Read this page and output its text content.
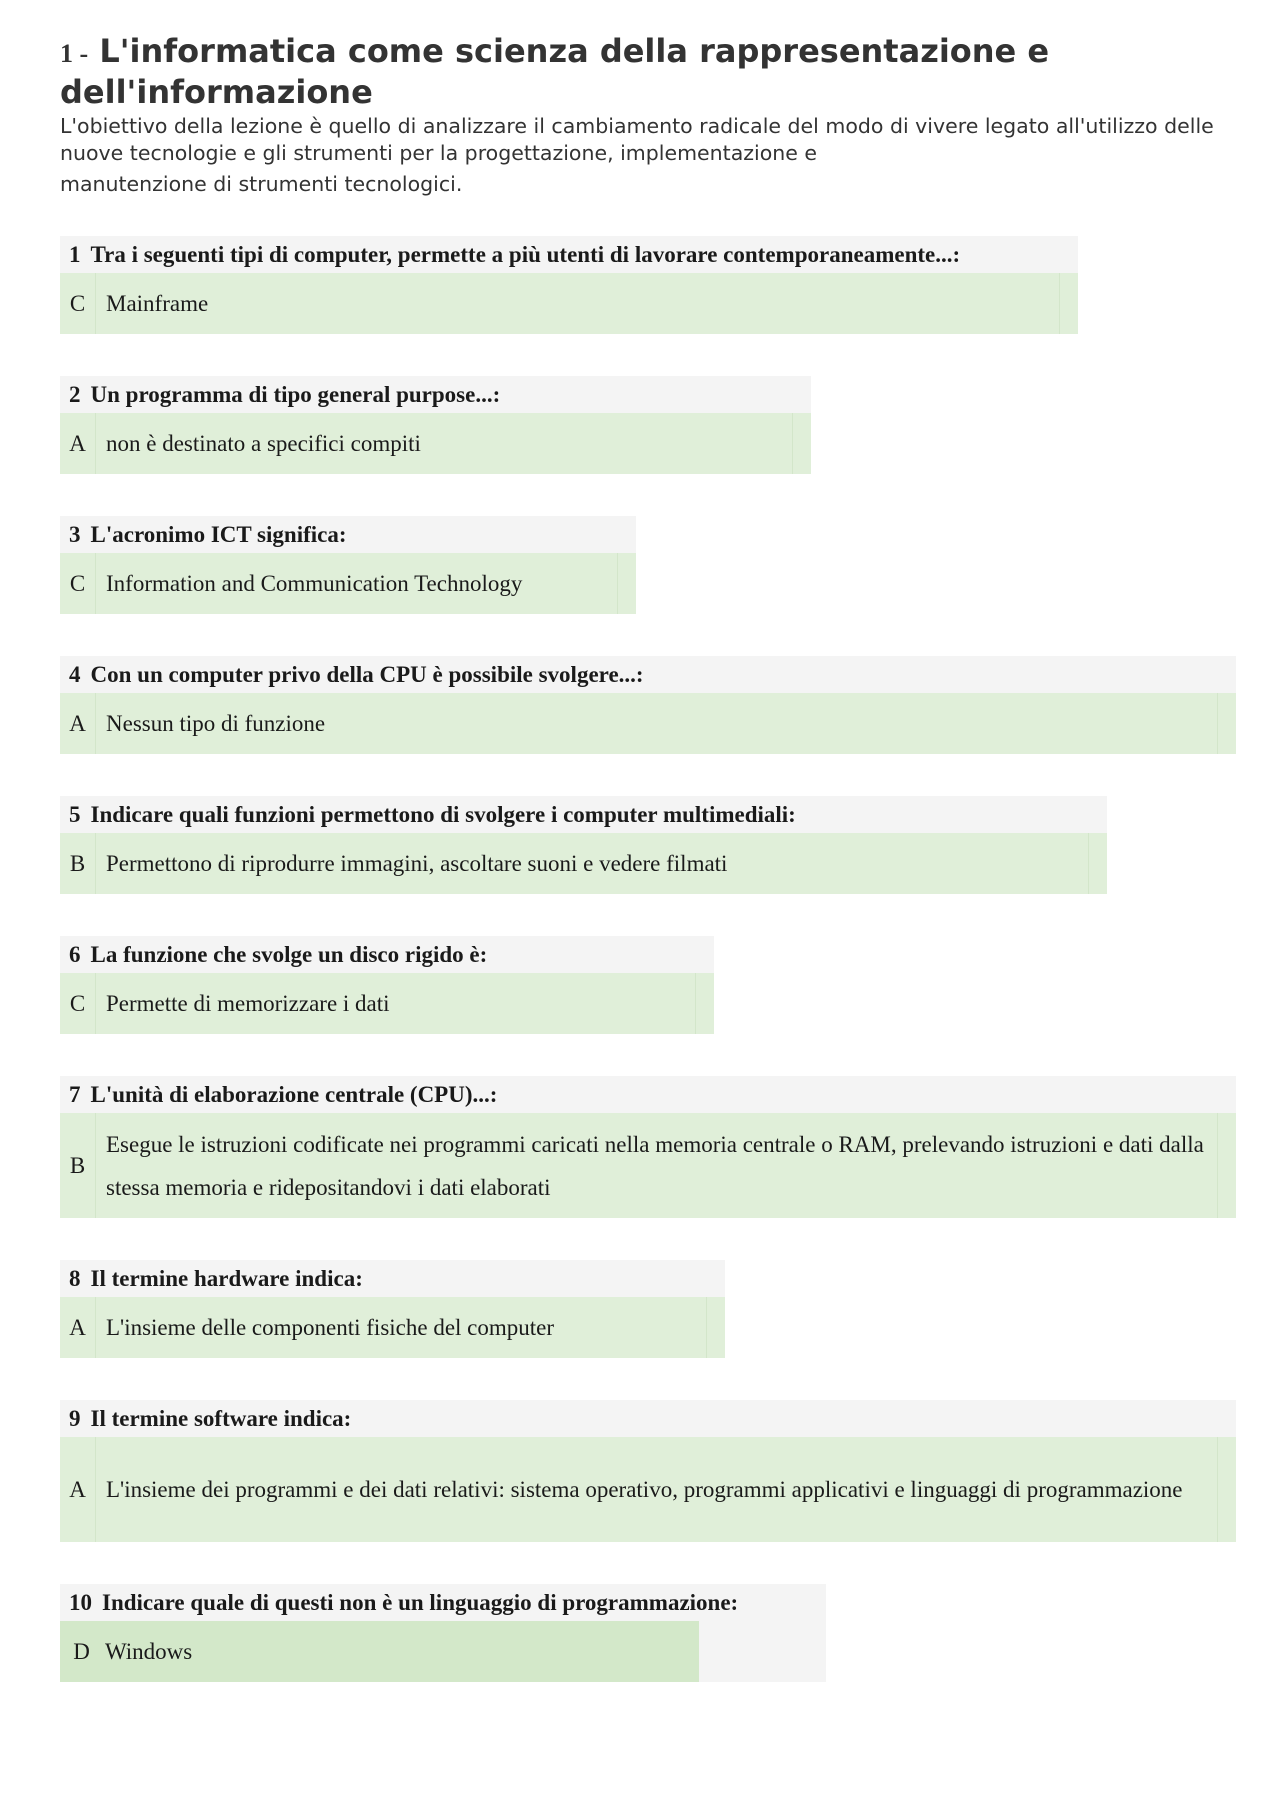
1 - L'informatica come scienza della rappresentazione e dell'informazione

L'obiettivo della lezione è quello di analizzare il cambiamento radicale del modo di vivere legato all'utilizzo delle nuove tecnologie e gli strumenti per la progettazione, implementazione e
manutenzione di strumenti tecnologici.

1 Tra i seguenti tipi di computer, permette a più utenti di lavorare contemporaneamente...:
C Mainframe
2 Un programma di tipo general purpose...:
A non è destinato a specifici compiti
3 L'acronimo ICT significa:
C Information and Communication Technology
4 Con un computer privo della CPU è possibile svolgere...:
A Nessun tipo di funzione
5 Indicare quali funzioni permettono di svolgere i computer multimediali:
B Permettono di riprodurre immagini, ascoltare suoni e vedere filmati
6 La funzione che svolge un disco rigido è:
C Permette di memorizzare i dati
7 L'unità di elaborazione centrale (CPU)...:
B
Esegue le istruzioni codificate nei programmi caricati nella memoria centrale o RAM, prelevando istruzioni e dati dalla stessa memoria e ridepositandovi i dati elaborati
8 Il termine hardware indica:
A L'insieme delle componenti fisiche del computer
9 Il termine software indica:
A L'insieme dei programmi e dei dati relativi: sistema operativo, programmi applicativi e linguaggi di programmazione
10 Indicare quale di questi non è un linguaggio di programmazione:
D Windows
